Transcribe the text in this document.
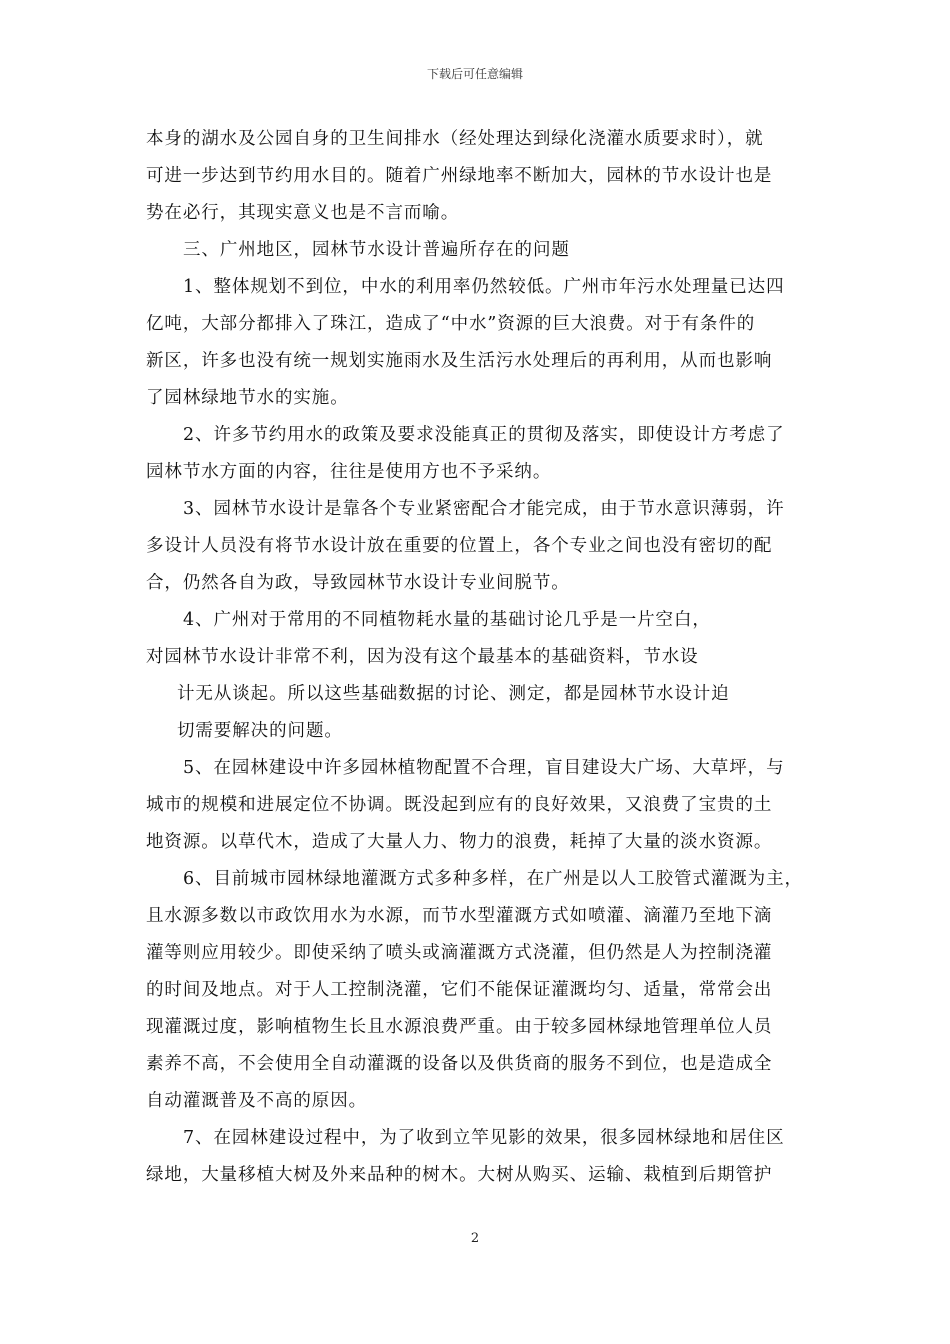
下载后可任意编辑
本身的湖水及公园自身的卫生间排水（经处理达到绿化浇灌水质要求时），就
可进一步达到节约用水目的。随着广州绿地率不断加大，园林的节水设计也是
势在必行，其现实意义也是不言而喻。
三、广州地区，园林节水设计普遍所存在的问题
1、整体规划不到位，中水的利用率仍然较低。广州市年污水处理量已达四
亿吨，大部分都排入了珠江，造成了“中水”资源的巨大浪费。对于有条件的
新区，许多也没有统一规划实施雨水及生活污水处理后的再利用，从而也影响
了园林绿地节水的实施。
2、许多节约用水的政策及要求没能真正的贯彻及落实，即使设计方考虑了
园林节水方面的内容，往往是使用方也不予采纳。
3、园林节水设计是靠各个专业紧密配合才能完成，由于节水意识薄弱，许
多设计人员没有将节水设计放在重要的位置上，各个专业之间也没有密切的配
合，仍然各自为政，导致园林节水设计专业间脱节。
4、广州对于常用的不同植物耗水量的基础讨论几乎是一片空白，
对园林节水设计非常不利，因为没有这个最基本的基础资料，节水设
计无从谈起。所以这些基础数据的讨论、测定，都是园林节水设计迫
切需要解决的问题。
5、在园林建设中许多园林植物配置不合理，盲目建设大广场、大草坪，与
城市的规模和进展定位不协调。既没起到应有的良好效果，又浪费了宝贵的土
地资源。以草代木，造成了大量人力、物力的浪费，耗掉了大量的淡水资源。
6、目前城市园林绿地灌溉方式多种多样，在广州是以人工胶管式灌溉为主，
且水源多数以市政饮用水为水源，而节水型灌溉方式如喷灌、滴灌乃至地下滴
灌等则应用较少。即使采纳了喷头或滴灌溉方式浇灌，但仍然是人为控制浇灌
的时间及地点。对于人工控制浇灌，它们不能保证灌溉均匀、适量，常常会出
现灌溉过度，影响植物生长且水源浪费严重。由于较多园林绿地管理单位人员
素养不高，不会使用全自动灌溉的设备以及供货商的服务不到位，也是造成全
自动灌溉普及不高的原因。
7、在园林建设过程中，为了收到立竿见影的效果，很多园林绿地和居住区
绿地，大量移植大树及外来品种的树木。大树从购买、运输、栽植到后期管护
2
